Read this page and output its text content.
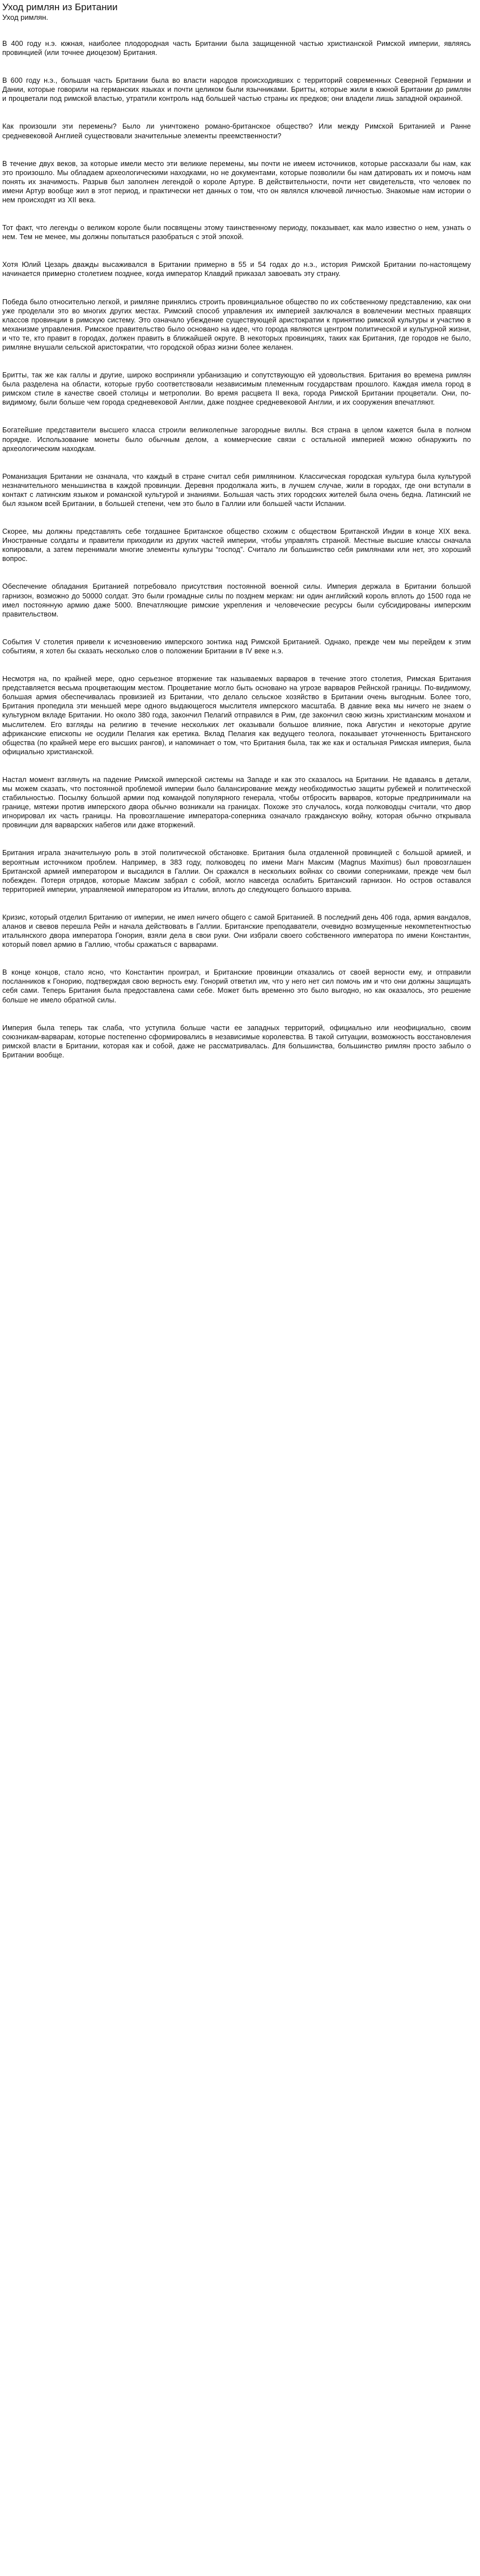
Уход римлян из Британии
Уход римлян.

В 400 году н.э. южная, наиболее плодородная часть Британии была защищенной частью христианской Римской империи, являясь провинцией (или точнее диоцезом) Британия.

В 600 году н.э., большая часть Британии была во власти народов происходивших с территорий современных Северной Германии и Дании, которые говорили на германских языках и почти целиком были язычниками. Бритты, которые жили в южной Британии до римлян и процветали под римской властью, утратили контроль над большей частью страны их предков; они владели лишь западной окраиной.

Как произошли эти перемены? Было ли уничтожено романо-бритaнское общество? Или между Римской Британией и Ранне средневековой Англией существовали значительные элементы преемственности?

В течение двух веков, за которые имели место эти великие перемены, мы почти не имеем источников, которые рассказали бы нам, как это произошло. Мы обладаем археологическими находками, но не документами, которые позволили бы нам датировать их и помочь нам понять их значимость. Разрыв был заполнен легендой о короле Артуре. В действительности, почти нет свидетельств, что человек по имени Артур вообще жил в этот период, и практически нет данных о том, что он являлся ключевой личностью. Знакомые нам истории о нем происходят из XII века.

Тот факт, что легенды о великом короле были посвящены этому таинственному периоду, показывает, как мало известно о нем, узнать о нем. Тем не менее, мы должны попытаться разобраться с этой эпохой.

Хотя Юлий Цезарь дважды высаживался в Британии примерно в 55 и 54 годах до н.э., история Римской Британии по-настоящему начинается примерно столетием позднее, когда император Клавдий приказал завоевать эту страну.

Победа было относительно легкой, и римляне принялись строить провинциальное общество по их собственному представлению, как они уже проделали это во многих других местах. Римский способ управления их империей заключался в вовлечении местных правящих классов провинции в римскую систему. Это означало убеждение существующей аристократии к принятию римской культуры и участию в механизме управления. Римское правительство было основано на идее, что города являются центром политической и культурной жизни, и что те, кто правит в городах, должен править в ближайшей округе. В некоторых провинциях, таких как Британия, где городов не было, римляне внушали сельской аристократии, что городской образ жизни более желанен.

Бритты, так же как галлы и другие, широко восприняли урбанизацию и сопутствующую ей удовольствия. Британия во времена римлян была разделена на области, которые грубо соответствовали независимым племенным государствам прошлого. Каждая имела город в римском стиле в качестве своей столицы и метрополии. Во время расцвета II века, города Римской Британии процветали. Они, по-видимому, были больше чем города средневековой Англии, даже позднее средневековой Англии, и их сооружения впечатляют.

Богатейшие представители высшего класса строили великолепные загородные виллы. Вся страна в целом кажется была в полном порядке. Использование монеты было обычным делом, а коммерческие связи с остальной империей можно обнаружить по археологическим находкам.

Романизация Британии не означала, что каждый в стране считал себя римлянином. Классическая городская культура была культурой незначительного меньшинства в каждой провинции. Деревня продолжала жить, в лучшем случае, жили в городах, где они вступали в контакт с латинским языком и романской культурой и знаниями. Большая часть этих городских жителей была очень бедна. Латинский не был языком всей Британии, в большей степени, чем это было в Галлии или большей части Испании.

Скорее, мы должны представлять себе тогдашнее Британское общество схожим с обществом Британской Индии в конце XIX века. Иностранные солдаты и правители приходили из других частей империи, чтобы управлять страной. Местные высшие классы сначала копировали, а затем перенимали многие элементы культуры “господ”. Считало ли большинство себя римлянами или нет, это хороший вопрос.

Обеспечение обладания Британией потребовало присутствия постоянной военной силы. Империя держала в Британии большой гарнизон, возможно до 50000 солдат. Это были громадные силы по позднем меркам: ни один английский король вплоть до 1500 года не имел постоянную армию даже 5000. Впечатляющие римские укрепления и человеческие ресурсы были субсидированы имперским правительством.

События V столетия привели к исчезновению имперского зонтика над Римской Британией. Однако, прежде чем мы перейдем к этим событиям, я хотел бы сказать несколько слов о положении Британии в IV веке н.э.

Несмотря на, по крайней мере, одно серьезное вторжение так называемых варваров в течение этого столетия, Римская Британия представляется весьма процветающим местом. Процветание могло быть основано на угрозе варваров Рейнской границы. По-видимому, большая армия обеспечивалась провизией из Британии, что делало сельское хозяйство в Британии очень выгодным. Более того, Британия пропедила эти меньшей мере одного выдающегося мыслителя имперского масштаба. В давние века мы ничего не знаем о культурном вкладе Британии. Но около 380 года, закончил Пелагий отправился в Рим, где закончил свою жизнь христианским монахом и мыслителем. Его взгляды на религию в течение нескольких лет оказывали большое влияние, пока Августин и некоторые другие африканские епископы не осудили Пелагия как еретика. Вклад Пелагия как ведущего теолога, показывает уточненность Британского общества (по крайней мере его высших рангов), и напоминает о том, что Британия была, так же как и остальная Римская империя, была официально христианской.

Настал момент взглянуть на падение Римской имперской системы на Западе и как это сказалось на Британии. Не вдаваясь в детали, мы можем сказать, что постоянной проблемой империи было балансирование между необходимостью защиты рубежей и политической стабильностью. Посылку большой армии под командой популярного генерала, чтобы отбросить варваров, которые предпринимали на границе, мятежи против имперского двора обычно возникали на границах. Похоже это случалось, когда полководцы считали, что двор игнорировал их часть границы. На провозглашение императора-соперника означало гражданскую войну, которая обычно открывала провинции для варварских набегов или даже вторжений.

Британия играла значительную роль в этой политической обстановке. Британия была отдаленной провинцией с большой армией, и вероятным источником проблем. Например, в 383 году, полководец по имени Магн Максим (Magnus Maximus) был провозглашен Британской армией императором и высадился в Галлии. Он сражался в нескольких войнах со своими соперниками, прежде чем был побежден. Потеря отрядов, которые Максим забрал с собой, могло навсегда ослабить Британский гарнизон. Но остров оставался территорией империи, управляемой императором из Италии, вплоть до следующего большого взрыва.

Кризис, который отделил Британию от империи, не имел ничего общего с самой Британией. В последний день 406 года, армия вандалов, аланов и свевов перешла Рейн и начала действовать в Галлии. Британские преподаватели, очевидно возмущенные некомпетентностью итальянского двора императора Гонория, взяли дела в свои руки. Они избрали своего собственного императора по имени Константин, который повел армию в Галлию, чтобы сражаться с варварами.

В конце концов, стало ясно, что Константин проиграл, и Британские провинции отказались от своей верности ему, и отправили посланников к Гонорию, подтверждая свою верность ему. Гонорий ответил им, что у него нет сил помочь им и что они должны защищать себя сами. Теперь Британия была предоставлена сами себе. Может быть временно это было выгодно, но как оказалось, это решение больше не имело обратной силы.

Империя была теперь так слаба, что уступила больше части ее западных территорий, официально или неофициально, своим союзникам-варварам, которые постепенно сформировались в независимые королевства. В такой ситуации, возможность восстановления римской власти в Британии, которая как и собой, даже не рассматривалась. Для большинства, большинство римлян просто забыло о Британии вообще.
